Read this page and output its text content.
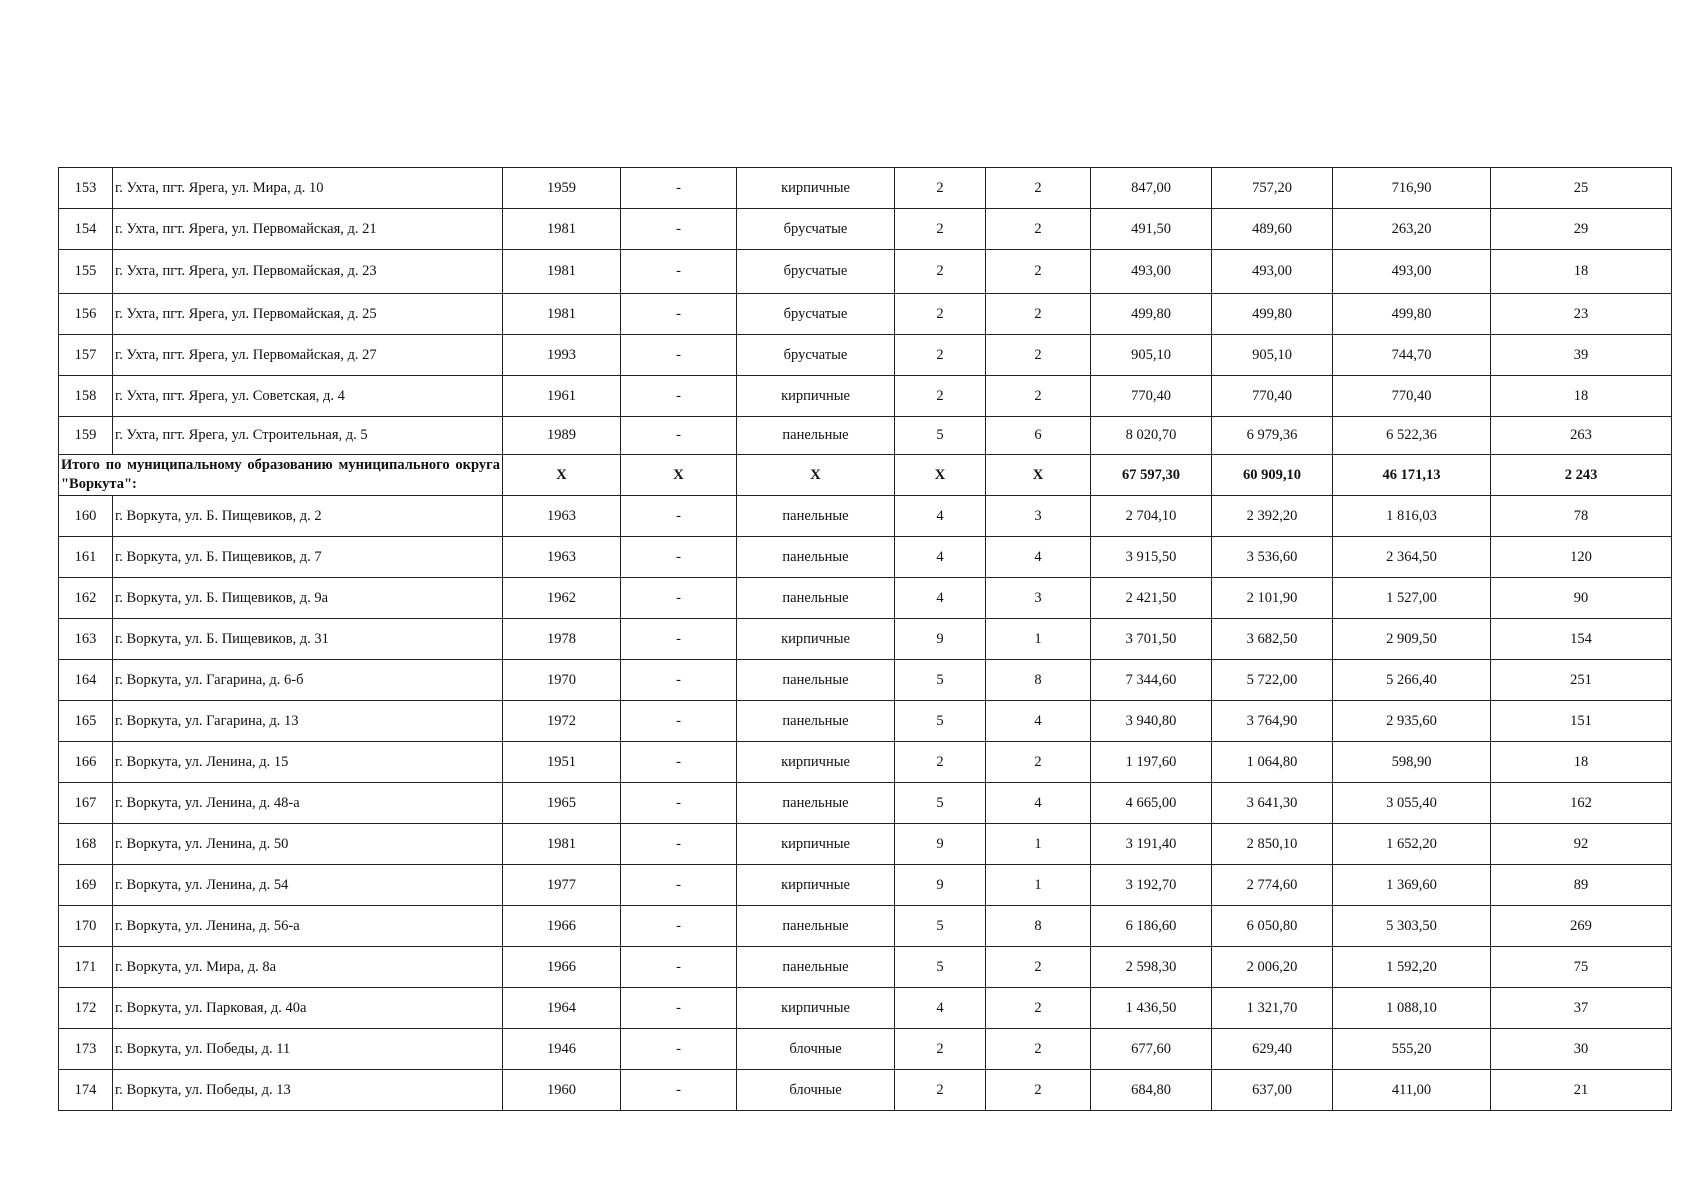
153	г. Ухта, пгт. Ярега, ул. Мира, д. 10	1959	-	кирпичные	2	2	847,00	757,20	716,90	25
154	г. Ухта, пгт. Ярега, ул. Первомайская, д. 21	1981	-	брусчатые	2	2	491,50	489,60	263,20	29
155	г. Ухта, пгт. Ярега, ул. Первомайская, д. 23	1981	-	брусчатые	2	2	493,00	493,00	493,00	18
156	г. Ухта, пгт. Ярега, ул. Первомайская, д. 25	1981	-	брусчатые	2	2	499,80	499,80	499,80	23
157	г. Ухта, пгт. Ярега, ул. Первомайская, д. 27	1993	-	брусчатые	2	2	905,10	905,10	744,70	39
158	г. Ухта, пгт. Ярега, ул. Советская, д. 4	1961	-	кирпичные	2	2	770,40	770,40	770,40	18
159	г. Ухта, пгт. Ярега, ул. Строительная, д. 5	1989	-	панельные	5	6	8 020,70	6 979,36	6 522,36	263
Итого по муниципальному образованию муниципального округа "Воркута":		X	X	X	X	X	67 597,30	60 909,10	46 171,13	2 243
160	г. Воркута, ул. Б. Пищевиков, д. 2	1963	-	панельные	4	3	2 704,10	2 392,20	1 816,03	78
161	г. Воркута, ул. Б. Пищевиков, д. 7	1963	-	панельные	4	4	3 915,50	3 536,60	2 364,50	120
162	г. Воркута, ул. Б. Пищевиков, д. 9а	1962	-	панельные	4	3	2 421,50	2 101,90	1 527,00	90
163	г. Воркута, ул. Б. Пищевиков, д. 31	1978	-	кирпичные	9	1	3 701,50	3 682,50	2 909,50	154
164	г. Воркута, ул. Гагарина, д. 6-б	1970	-	панельные	5	8	7 344,60	5 722,00	5 266,40	251
165	г. Воркута, ул. Гагарина, д. 13	1972	-	панельные	5	4	3 940,80	3 764,90	2 935,60	151
166	г. Воркута, ул. Ленина, д. 15	1951	-	кирпичные	2	2	1 197,60	1 064,80	598,90	18
167	г. Воркута, ул. Ленина, д. 48-а	1965	-	панельные	5	4	4 665,00	3 641,30	3 055,40	162
168	г. Воркута, ул. Ленина, д. 50	1981	-	кирпичные	9	1	3 191,40	2 850,10	1 652,20	92
169	г. Воркута, ул. Ленина, д. 54	1977	-	кирпичные	9	1	3 192,70	2 774,60	1 369,60	89
170	г. Воркута, ул. Ленина, д. 56-а	1966	-	панельные	5	8	6 186,60	6 050,80	5 303,50	269
171	г. Воркута, ул. Мира, д. 8а	1966	-	панельные	5	2	2 598,30	2 006,20	1 592,20	75
172	г. Воркута, ул. Парковая, д. 40а	1964	-	кирпичные	4	2	1 436,50	1 321,70	1 088,10	37
173	г. Воркута, ул. Победы, д. 11	1946	-	блочные	2	2	677,60	629,40	555,20	30
174	г. Воркута, ул. Победы, д. 13	1960	-	блочные	2	2	684,80	637,00	411,00	21
